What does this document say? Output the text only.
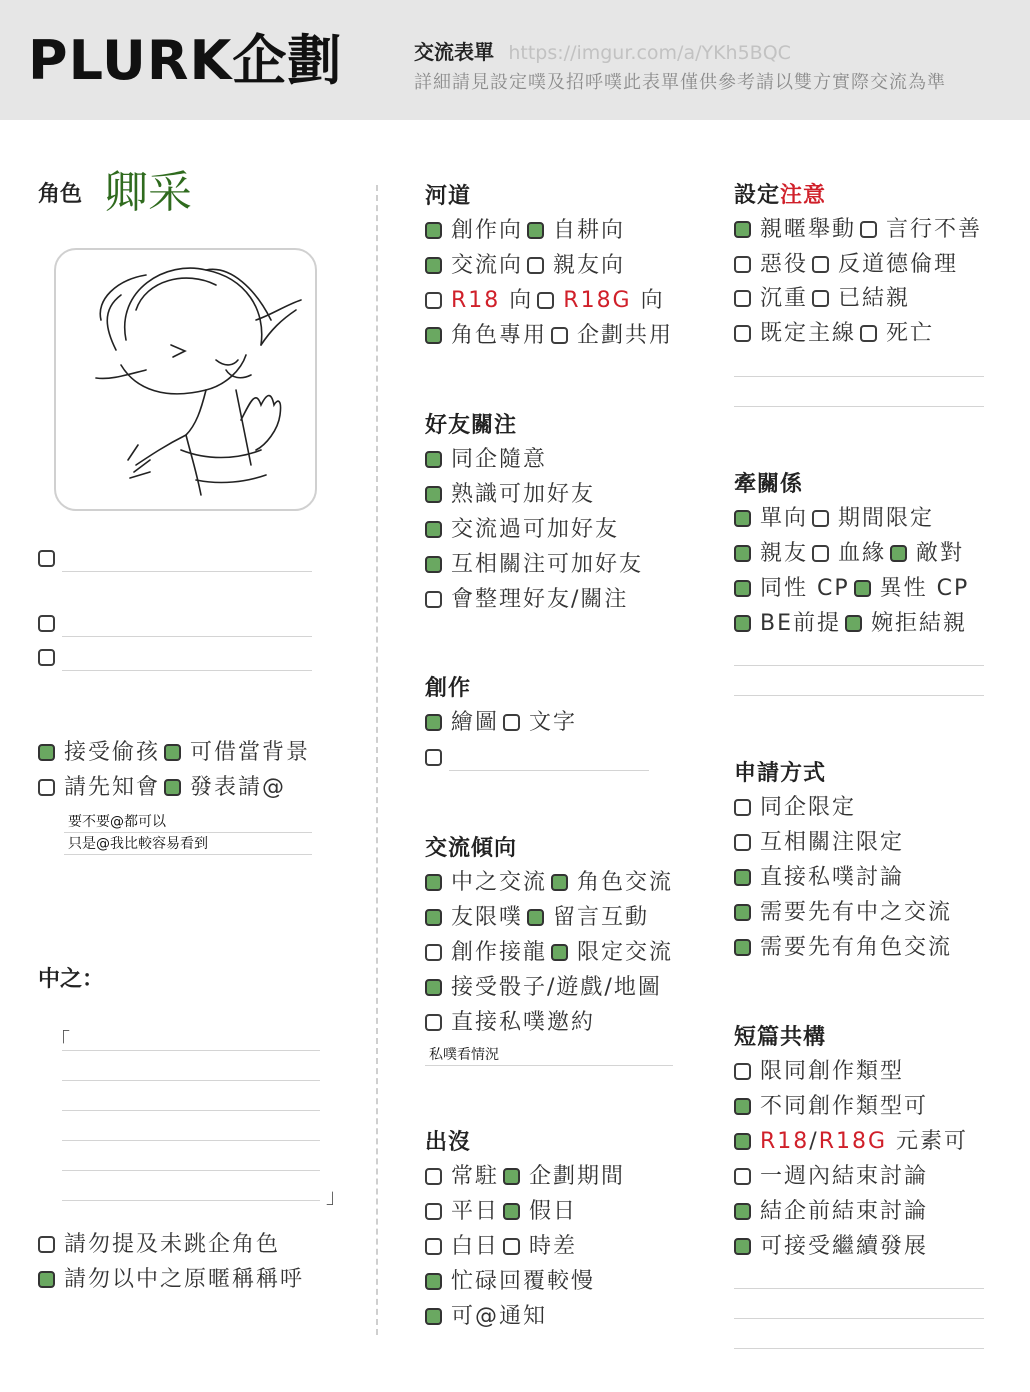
PLURK企劃	交流表單 https://imgur.com/a/YKh5BQC
詳細請見設定噗及招呼噗此表單僅供參考請以雙方實際交流為準
角色 卿采
接受偷孩 可借當背景
請先知會 發表請@
要不要@都可以
只是@我比較容易看到
中之：
「
」
請勿提及未跳企角色
請勿以中之原暱稱稱呼
河道
創作向 自耕向
交流向 親友向
R18 向 R18G 向
角色專用 企劃共用
好友關注
同企隨意
熟識可加好友
交流過可加好友
互相關注可加好友
會整理好友/關注
創作
繪圖 文字
交流傾向
中之交流 角色交流
友限噗 留言互動
創作接龍 限定交流
接受骰子/遊戲/地圖
直接私噗邀約
私噗看情況
出沒
常駐 企劃期間
平日 假日
白日 時差
忙碌回覆較慢
可@通知
設定注意
親暱舉動 言行不善
惡役 反道德倫理
沉重 已結親
既定主線 死亡
牽關係
單向 期間限定
親友 血緣 敵對
同性 CP 異性 CP
BE前提 婉拒結親
申請方式
同企限定
互相關注限定
直接私噗討論
需要先有中之交流
需要先有角色交流
短篇共構
限同創作類型
不同創作類型可
R18/R18G 元素可
一週內結束討論
結企前結束討論
可接受繼續發展
